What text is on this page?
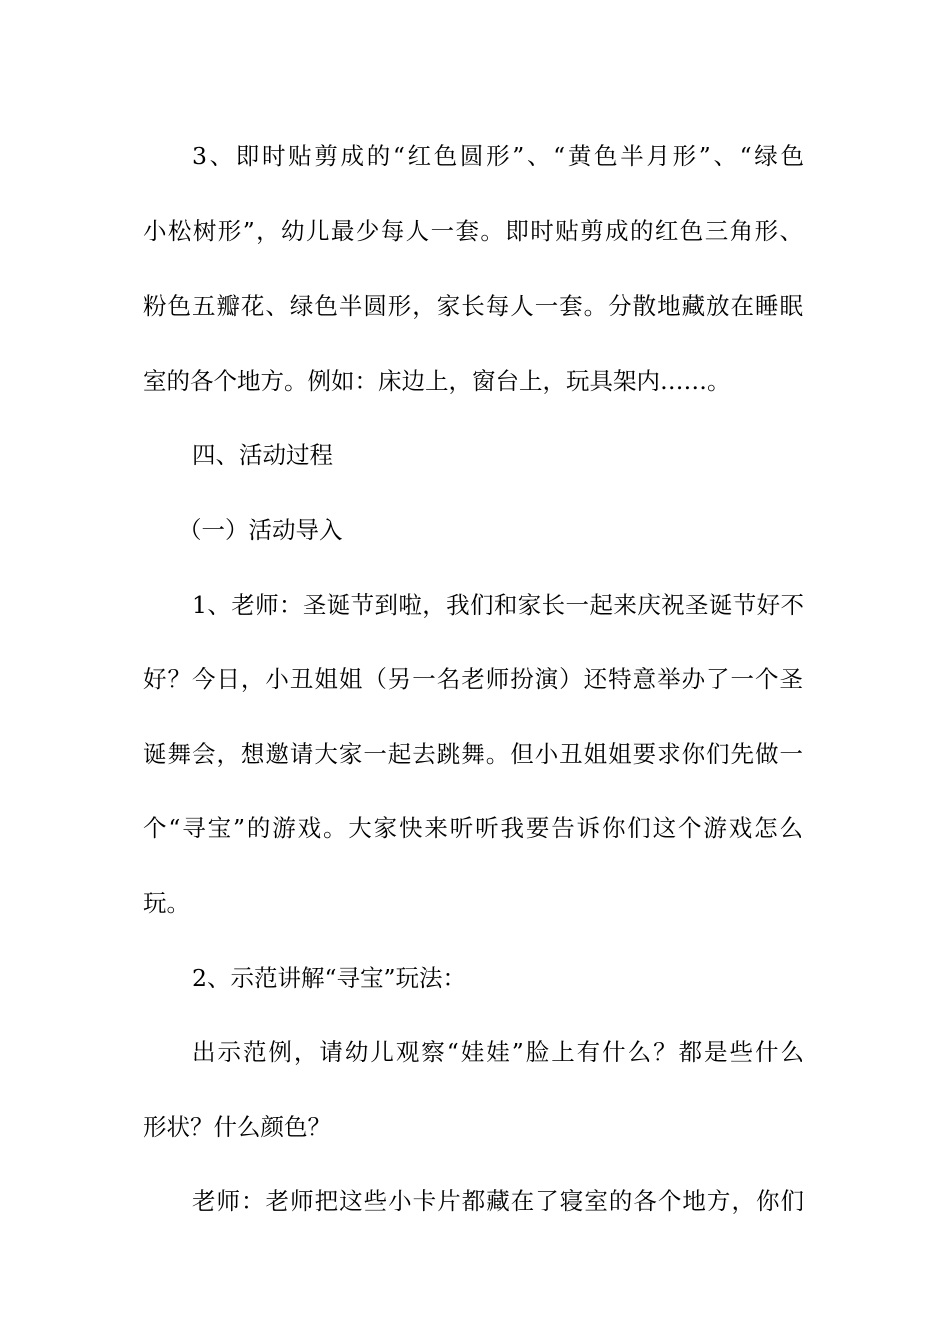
3、即时贴剪成的“红色圆形”、“黄色半月形”、“绿色
小松树形”，幼儿最少每人一套。即时贴剪成的红色三角形、
粉色五瓣花、绿色半圆形，家长每人一套。分散地藏放在睡眠
室的各个地方。例如：床边上，窗台上，玩具架内……。
四、活动过程
（一）活动导入
1、老师：圣诞节到啦，我们和家长一起来庆祝圣诞节好不
好？今日，小丑姐姐（另一名老师扮演）还特意举办了一个圣
诞舞会，想邀请大家一起去跳舞。但小丑姐姐要求你们先做一
个“寻宝”的游戏。大家快来听听我要告诉你们这个游戏怎么
玩。
2、示范讲解“寻宝”玩法：
出示范例，请幼儿观察“娃娃”脸上有什么？都是些什么
形状？什么颜色？
老师：老师把这些小卡片都藏在了寝室的各个地方，你们
